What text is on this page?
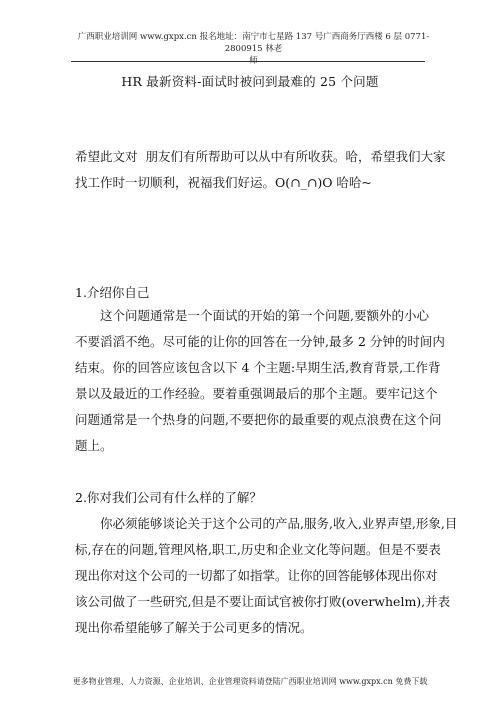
广西职业培训网 www.gxpx.cn 报名地址：南宁市七星路 137 号广西商务厅西楼 6 层 0771-2800915 林老
师
HR 最新资料-面试时被问到最难的 25 个问题
希望此文对  朋友们有所帮助可以从中有所收获。哈，希望我们大家
找工作时一切顺利，祝福我们好运。O(∩_∩)O 哈哈~
1.介绍你自己
这个问题通常是一个面试的开始的第一个问题,要额外的小心
不要滔滔不绝。尽可能的让你的回答在一分钟,最多 2 分钟的时间内
结束。你的回答应该包含以下 4 个主题:早期生活,教育背景,工作背
景以及最近的工作经验。要着重强调最后的那个主题。要牢记这个
问题通常是一个热身的问题,不要把你的最重要的观点浪费在这个问
题上。
2.你对我们公司有什么样的了解？
你必须能够谈论关于这个公司的产品,服务,收入,业界声望,形象,目
标,存在的问题,管理风格,职工,历史和企业文化等问题。但是不要表
现出你对这个公司的一切都了如指掌。让你的回答能够体现出你对
该公司做了一些研究,但是不要让面试官被你打败(overwhelm),并表
现出你希望能够了解关于公司更多的情况。
更多物业管理、人力资源、企业培训、企业管理资料请登陆广西职业培训网 www.gxpx.cn 免费下载
